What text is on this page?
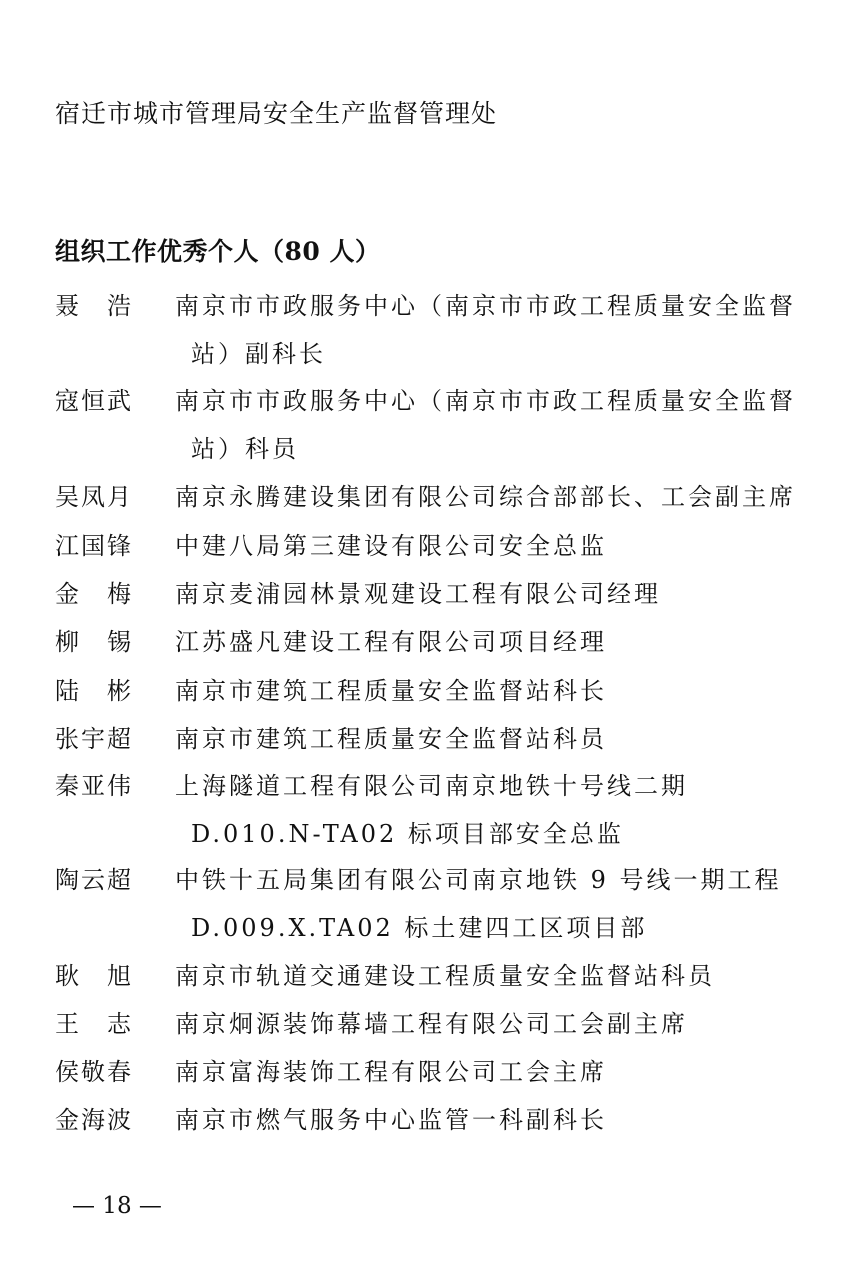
宿迁市城市管理局安全生产监督管理处
组织工作优秀个人（80 人）
聂　浩	南京市市政服务中心（南京市市政工程质量安全监督
站）副科长
寇恒武	南京市市政服务中心（南京市市政工程质量安全监督
站）科员
吴凤月	南京永腾建设集团有限公司综合部部长、工会副主席
江国锋	中建八局第三建设有限公司安全总监
金　梅	南京麦浦园林景观建设工程有限公司经理
柳　锡	江苏盛凡建设工程有限公司项目经理
陆　彬	南京市建筑工程质量安全监督站科长
张宇超	南京市建筑工程质量安全监督站科员
秦亚伟	上海隧道工程有限公司南京地铁十号线二期
D.010.N-TA02 标项目部安全总监
陶云超	中铁十五局集团有限公司南京地铁 9 号线一期工程
D.009.X.TA02 标土建四工区项目部
耿　旭	南京市轨道交通建设工程质量安全监督站科员
王　志	南京炯源装饰幕墙工程有限公司工会副主席
侯敬春	南京富海装饰工程有限公司工会主席
金海波	南京市燃气服务中心监管一科副科长
— 18 —
